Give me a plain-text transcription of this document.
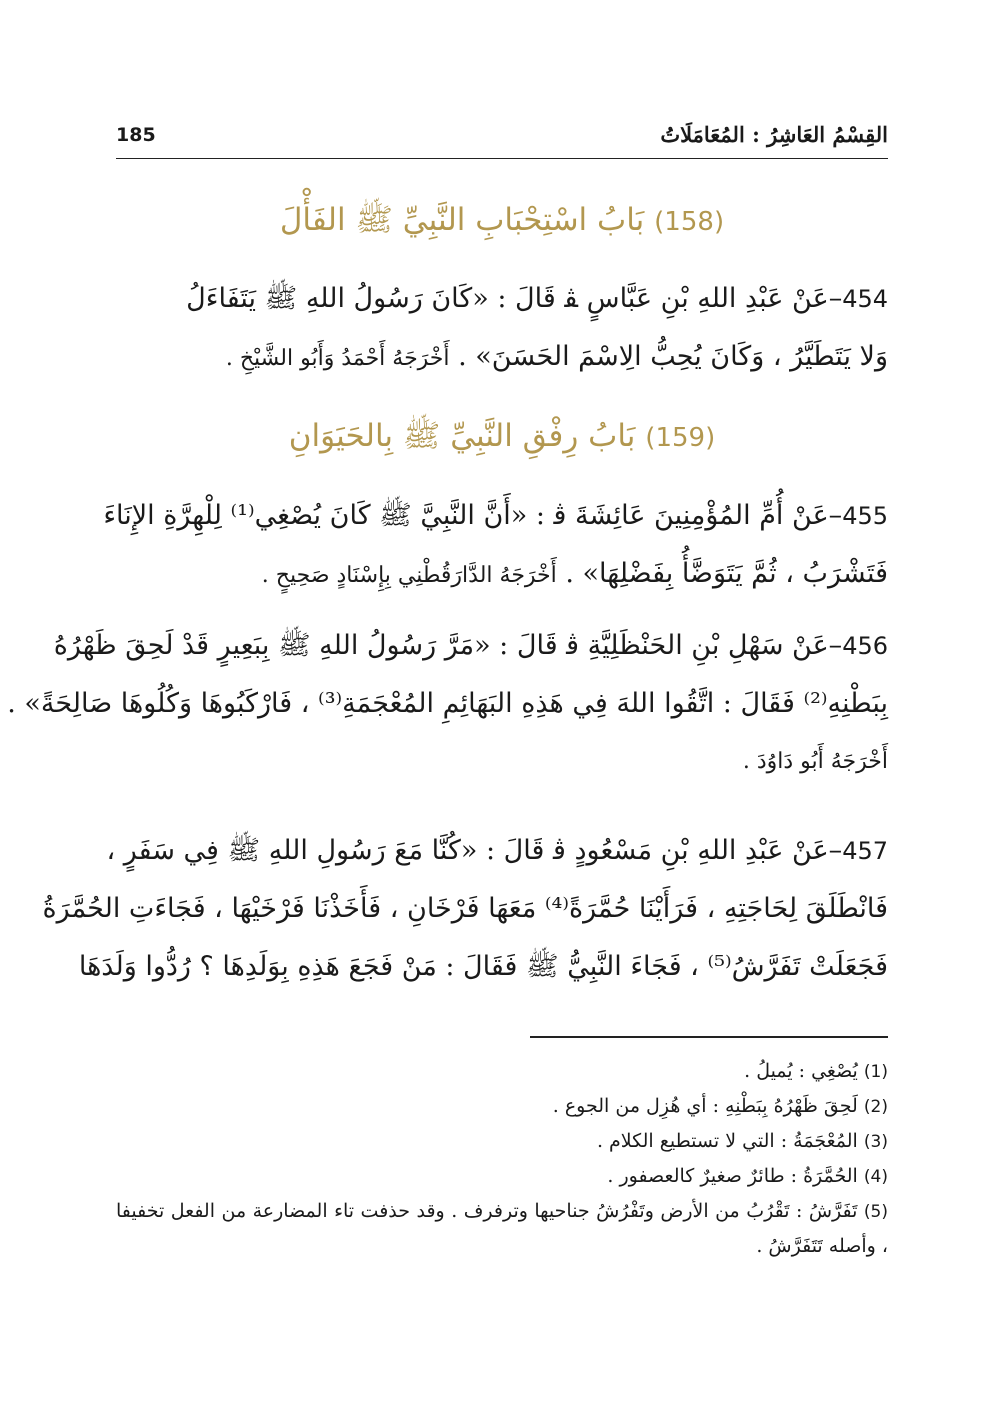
185	القِسْمُ العَاشِرُ : المُعَامَلَاتُ
(158) بَابُ اسْتِحْبَابِ النَّبِيِّ ﷺ الفَأْلَ
454–عَنْ عَبْدِ اللهِ بْنِ عَبَّاسٍ ﭭ قَالَ : «كَانَ رَسُولُ اللهِ ﷺ يَتَفَاءَلُ
وَلا يَتَطَيَّرُ ، وَكَانَ يُحِبُّ الِاسْمَ الحَسَنَ» . أَخْرَجَهُ أَحْمَدُ وَأَبُو الشَّيْخِ .
(159) بَابُ رِفْقِ النَّبِيِّ ﷺ بِالحَيَوَانِ
455–عَنْ أُمِّ المُؤْمِنِينَ عَائِشَةَ ﭬ : «أَنَّ النَّبِيَّ ﷺ كَانَ يُصْغِي⁽¹⁾ لِلْهِرَّةِ الإِنَاءَ
فَتَشْرَبُ ، ثُمَّ يَتَوَضَّأُ بِفَضْلِهَا» . أَخْرَجَهُ الدَّارَقُطْنِي بِإِسْنَادٍ صَحِيحٍ .
456–عَنْ سَهْلِ بْنِ الحَنْظَلِيَّةِ ﭬ قَالَ : «مَرَّ رَسُولُ اللهِ ﷺ بِبَعِيرٍ قَدْ لَحِقَ ظَهْرُهُ
بِبَطْنِهِ⁽²⁾ فَقَالَ : اتَّقُوا اللهَ فِي هَذِهِ البَهَائِمِ المُعْجَمَةِ⁽³⁾ ، فَارْكَبُوهَا وَكُلُوهَا صَالِحَةً» .
أَخْرَجَهُ أَبُو دَاوُدَ .
457–عَنْ عَبْدِ اللهِ بْنِ مَسْعُودٍ ﭬ قَالَ : «كُنَّا مَعَ رَسُولِ اللهِ ﷺ فِي سَفَرٍ ،
فَانْطَلَقَ لِحَاجَتِهِ ، فَرَأَيْنَا حُمَّرَةً⁽⁴⁾ مَعَهَا فَرْخَانِ ، فَأَخَذْنَا فَرْخَيْهَا ، فَجَاءَتِ الحُمَّرَةُ
فَجَعَلَتْ تَفَرَّشُ⁽⁵⁾ ، فَجَاءَ النَّبِيُّ ﷺ فَقَالَ : مَنْ فَجَعَ هَذِهِ بِوَلَدِهَا ؟ رُدُّوا وَلَدَهَا
(1) يُصْغِي : يُميلُ .
(2) لَحِقَ ظَهْرُهُ بِبَطْنِهِ : أي هُزِل من الجوع .
(3) المُعْجَمَةُ : التي لا تستطيع الكلام .
(4) الحُمَّرَةُ : طائرٌ صغيرٌ كالعصفور .
(5) تَفَرَّشُ : تَقْرُبُ من الأرض وتَفْرُشُ جناحيها وترفرف . وقد حذفت تاء المضارعة من الفعل تخفيفا ، وأصله تَتَفَرَّشُ .
